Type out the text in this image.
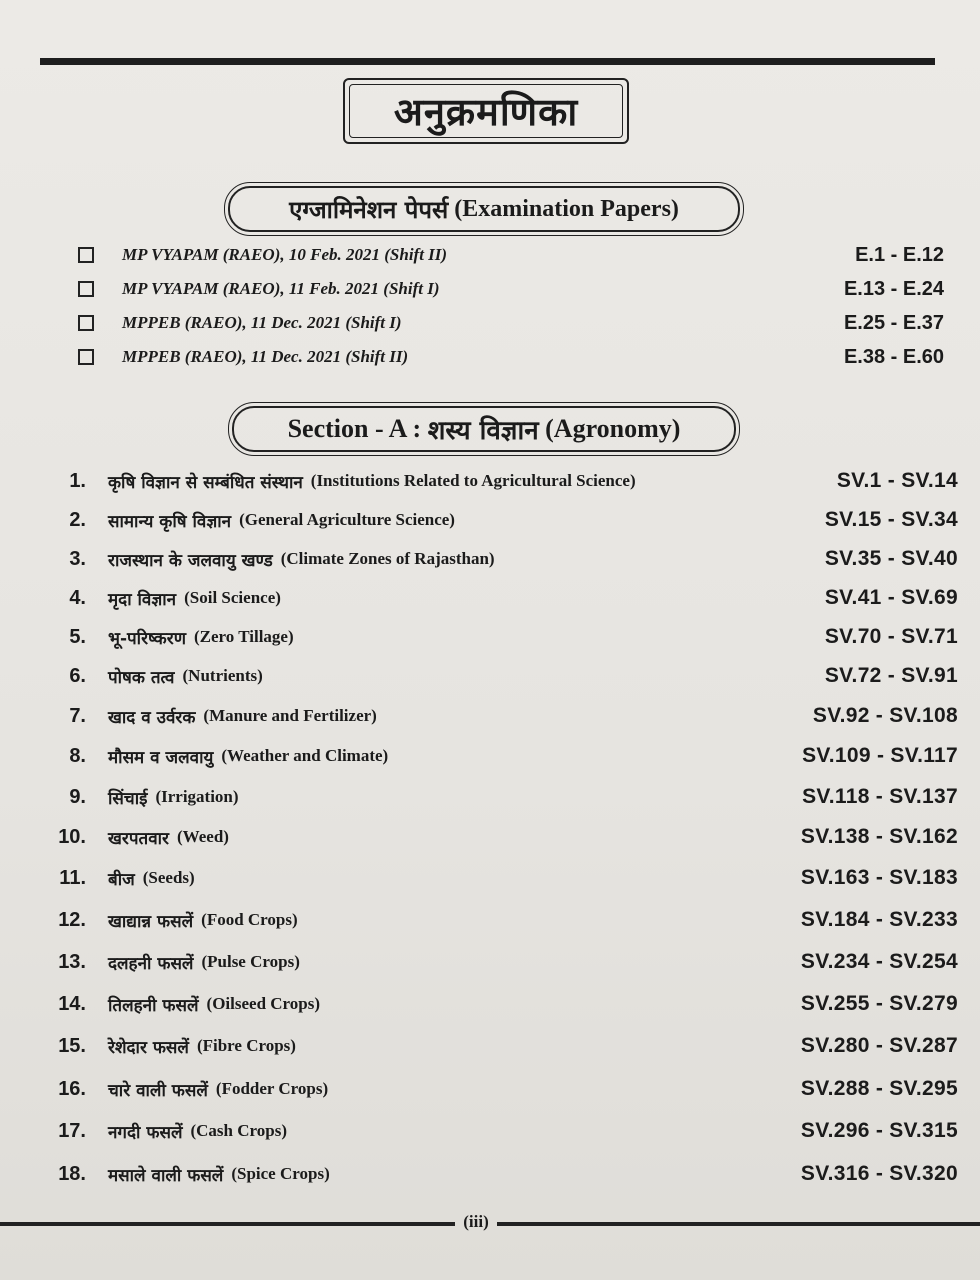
अनुक्रमणिका
एग्जामिनेशन पेपर्स
(Examination Papers)
MP VYAPAM (RAEO), 10 Feb. 2021 (Shift II)	E.1 - E.12
MP VYAPAM (RAEO), 11 Feb. 2021 (Shift I)	E.13 - E.24
MPPEB (RAEO), 11 Dec. 2021 (Shift I)	E.25 - E.37
MPPEB (RAEO), 11 Dec. 2021 (Shift II)	E.38 - E.60
Section - A :
शस्य विज्ञान
(Agronomy)
1. कृषि विज्ञान से सम्बंधित संस्थान (Institutions Related to Agricultural Science)	SV.1 - SV.14
2. सामान्य कृषि विज्ञान (General Agriculture Science)	SV.15 - SV.34
3. राजस्थान के जलवायु खण्ड (Climate Zones of Rajasthan)	SV.35 - SV.40
4. मृदा विज्ञान (Soil Science)	SV.41 - SV.69
5. भू-परिष्करण (Zero Tillage)	SV.70 - SV.71
6. पोषक तत्व (Nutrients)	SV.72 - SV.91
7. खाद व उर्वरक (Manure and Fertilizer)	SV.92 - SV.108
8. मौसम व जलवायु (Weather and Climate)	SV.109 - SV.117
9. सिंचाई (Irrigation)	SV.118 - SV.137
10. खरपतवार (Weed)	SV.138 - SV.162
11. बीज (Seeds)	SV.163 - SV.183
12. खाद्यान्न फसलें (Food Crops)	SV.184 - SV.233
13. दलहनी फसलें (Pulse Crops)	SV.234 - SV.254
14. तिलहनी फसलें (Oilseed Crops)	SV.255 - SV.279
15. रेशेदार फसलें (Fibre Crops)	SV.280 - SV.287
16. चारे वाली फसलें (Fodder Crops)	SV.288 - SV.295
17. नगदी फसलें (Cash Crops)	SV.296 - SV.315
18. मसाले वाली फसलें (Spice Crops)	SV.316 - SV.320
(iii)
